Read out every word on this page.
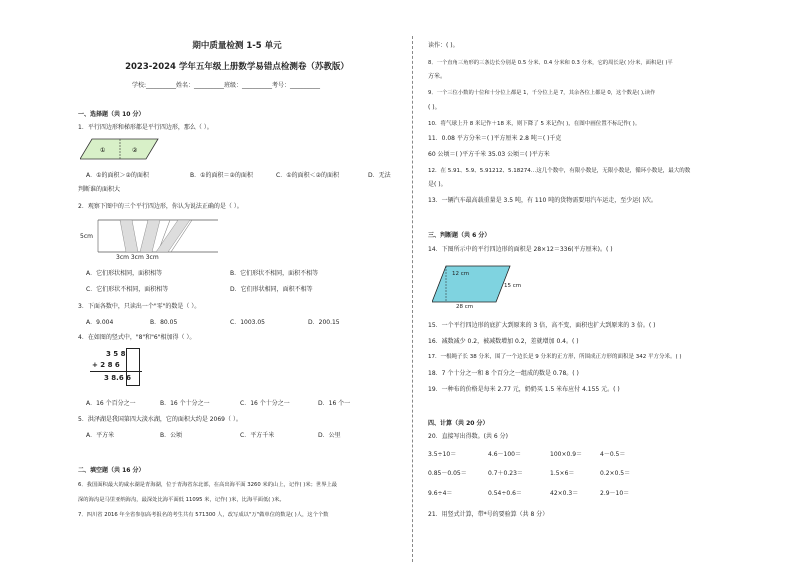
期中质量检测 1-5 单元
2023-2024 学年五年级上册数学易错点检测卷（苏教版）
学校:__________姓名：__________班级：__________考号：__________
一、选择题（共 10 分）
1．平行四边形和梯形都是平行四边形，那么（ ）。
①	②
A．①的面积＞②的面积	B．①的面积＝②的面积	C．①的面积＜②的面积	D．无法
判断谁的面积大
2．观察下图中的三个平行四边形，你认为说法正确的是（ ）。
5cm
3cm 3cm 3cm
A．它们形状相同，面积相等	B．它们形状不相同，面积不相等
C．它们形状不相同，面积相等	D．它们形状相同，面积不相等
3．下面各数中，只读出一个"零"的数是（ ）。
A．9.004	B．80.05	C．1003.05	D．200.15
4．在如图的竖式中，"8"和"6"相加得（ ）。
3 5 8
+ 2 8 6
3 8.6 6
A．16 个百分之一	B．16 个十分之一	C．16 个十分之一	D．16 个一
5．洪泽湖是我国第四大淡水湖，它的面积大约是 2069（ ）。
A．平方米	B．公顷	C．平方千米	D．公里
二、填空题（共 16 分）
6．我国面积最大的咸水湖是青海湖，位于青海省东北部，在高出海平面 3260 米的山上，记作( )米；世界上最
深的海沟是马里亚纳海沟，最深处比海平面低 11095 米，记作( )米，比海平面低( )米。
7．四川省 2016 年全省参加高考报名的考生共有 571300 人，改写成以"万"做单位的数是( )人，这个个数
读作：( )。
8．一个直角三角形的三条边长分别是 0.5 分米、0.4 分米和 0.3 分米，它的周长是( )分米，面积是( )平
方米。
9．一个三位小数的十位和十分位上都是 1，千分位上是 7，其余各位上都是 0，这个数是( ),读作
( )。
10．将气球上升 8 米记作＋18 米，则下降了 5 米记作( )，在图中画位置不标记作( )。
11．0.08 平方分米＝( )平方厘米 2.8 吨＝( )千克
60 公顷＝( )平方千米 35.03 公顷＝( )平方米
12．在 5.91、5.9、5.91212、5.18274…这几个数中，有限小数是，无限小数是，循环小数是，最大的数
是( )。
13．一辆汽车最高载重量是 3.5 吨，有 110 吨的货物需要用汽车运走，至少运( )次。
三、判断题（共 6 分）
14．下图所示中的平行四边形的面积是 28×12＝336(平方厘米)。( )
12 cm
15 cm
28 cm
15．一个平行四边形的底扩大到原来的 3 倍，高不变，面积也扩大到原来的 3 倍。( )
16．减数减少 0.2，被减数增加 0.2，差就增加 0.4。( )
17．一根绳子长 38 分米，围了一个边长是 9 分米的正方形，所围成正方形的面积是 342 平方分米。( )
18．7 个十分之一和 8 个百分之一组成的数是 0.78。( )
19．一种布的价格是每米 2.77 元，奶奶买 1.5 米布应付 4.155 元。( )
四、计算（共 20 分）
20．直接写出得数。(共 6 分)
3.5÷10＝	4.6－100＝	100×0.9＝	4－0.5＝
0.85－0.05＝	0.7＋0.23＝	1.5×6＝	0.2×0.5＝
9.6÷4＝	0.54÷0.6＝	42×0.3＝	2.9－10＝
21．用竖式计算，带*号的要验算（共 8 分）
